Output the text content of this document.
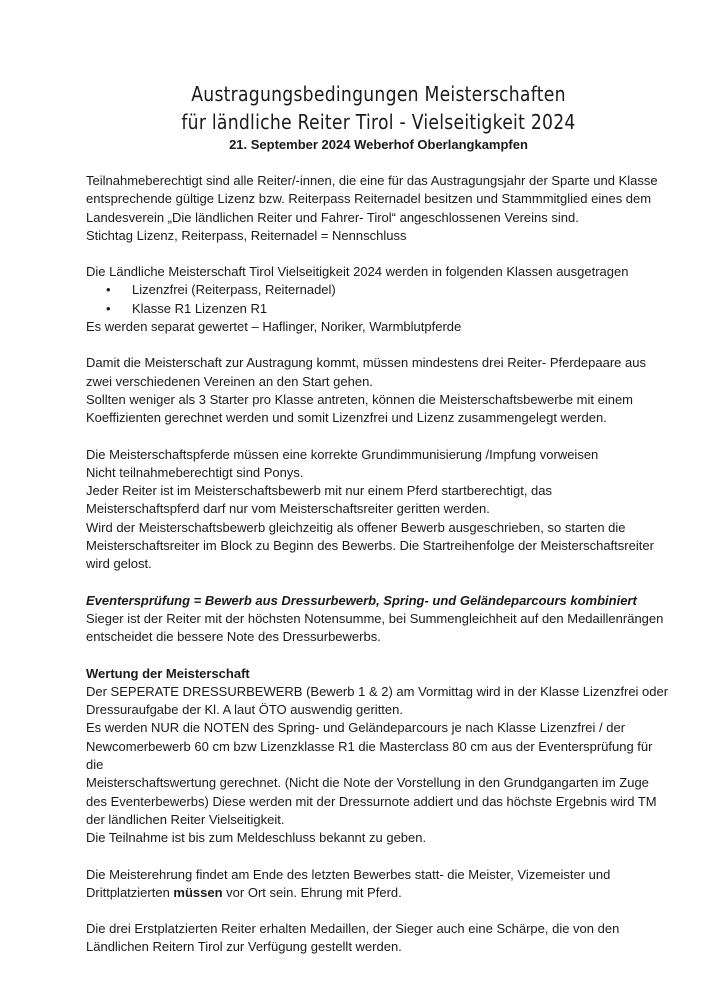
Austragungsbedingungen Meisterschaften
für ländliche Reiter Tirol - Vielseitigkeit 2024

21. September 2024 Weberhof Oberlangkampfen

Teilnahmeberechtigt sind alle Reiter/-innen, die eine für das Austragungsjahr der Sparte und Klasse

entsprechende gültige Lizenz bzw. Reiterpass Reiternadel besitzen und Stammmitglied eines dem

Landesverein „Die ländlichen Reiter und Fahrer- Tirol“ angeschlossenen Vereins sind.

Stichtag Lizenz, Reiterpass, Reiternadel = Nennschluss

Die Ländliche Meisterschaft Tirol Vielseitigkeit 2024 werden in folgenden Klassen ausgetragen

• Lizenzfrei (Reiterpass, Reiternadel)
• Klasse R1 Lizenzen R1

Es werden separat gewertet – Haflinger, Noriker, Warmblutpferde

Damit die Meisterschaft zur Austragung kommt, müssen mindestens drei Reiter- Pferdepaare aus

zwei verschiedenen Vereinen an den Start gehen.

Sollten weniger als 3 Starter pro Klasse antreten, können die Meisterschaftsbewerbe mit einem

Koeffizienten gerechnet werden und somit Lizenzfrei und Lizenz zusammengelegt werden.

Die Meisterschaftspferde müssen eine korrekte Grundimmunisierung /Impfung vorweisen

Nicht teilnahmeberechtigt sind Ponys.

Jeder Reiter ist im Meisterschaftsbewerb mit nur einem Pferd startberechtigt, das

Meisterschaftspferd darf nur vom Meisterschaftsreiter geritten werden.

Wird der Meisterschaftsbewerb gleichzeitig als offener Bewerb ausgeschrieben, so starten die

Meisterschaftsreiter im Block zu Beginn des Bewerbs. Die Startreihenfolge der Meisterschaftsreiter

wird gelost.

Eventersprüfung = Bewerb aus Dressurbewerb, Spring- und Geländeparcours kombiniert

Sieger ist der Reiter mit der höchsten Notensumme, bei Summengleichheit auf den Medaillenrängen

entscheidet die bessere Note des Dressurbewerbs.

Wertung der Meisterschaft

Der SEPERATE DRESSURBEWERB (Bewerb 1 & 2) am Vormittag wird in der Klasse Lizenzfrei oder

Dressuraufgabe der Kl. A laut ÖTO auswendig geritten.

Es werden NUR die NOTEN des Spring- und Geländeparcours je nach Klasse Lizenzfrei / der

Newcomerbewerb 60 cm bzw Lizenzklasse R1 die Masterclass 80 cm aus der Eventersprüfung für die

Meisterschaftswertung gerechnet. (Nicht die Note der Vorstellung in den Grundgangarten im Zuge

des Eventerbewerbs) Diese werden mit der Dressurnote addiert und das höchste Ergebnis wird TM

der ländlichen Reiter Vielseitigkeit.

Die Teilnahme ist bis zum Meldeschluss bekannt zu geben.

Die Meisterehrung findet am Ende des letzten Bewerbes statt- die Meister, Vizemeister und

Drittplatzierten müssen vor Ort sein. Ehrung mit Pferd.

Die drei Erstplatzierten Reiter erhalten Medaillen, der Sieger auch eine Schärpe, die von den

Ländlichen Reitern Tirol zur Verfügung gestellt werden.
